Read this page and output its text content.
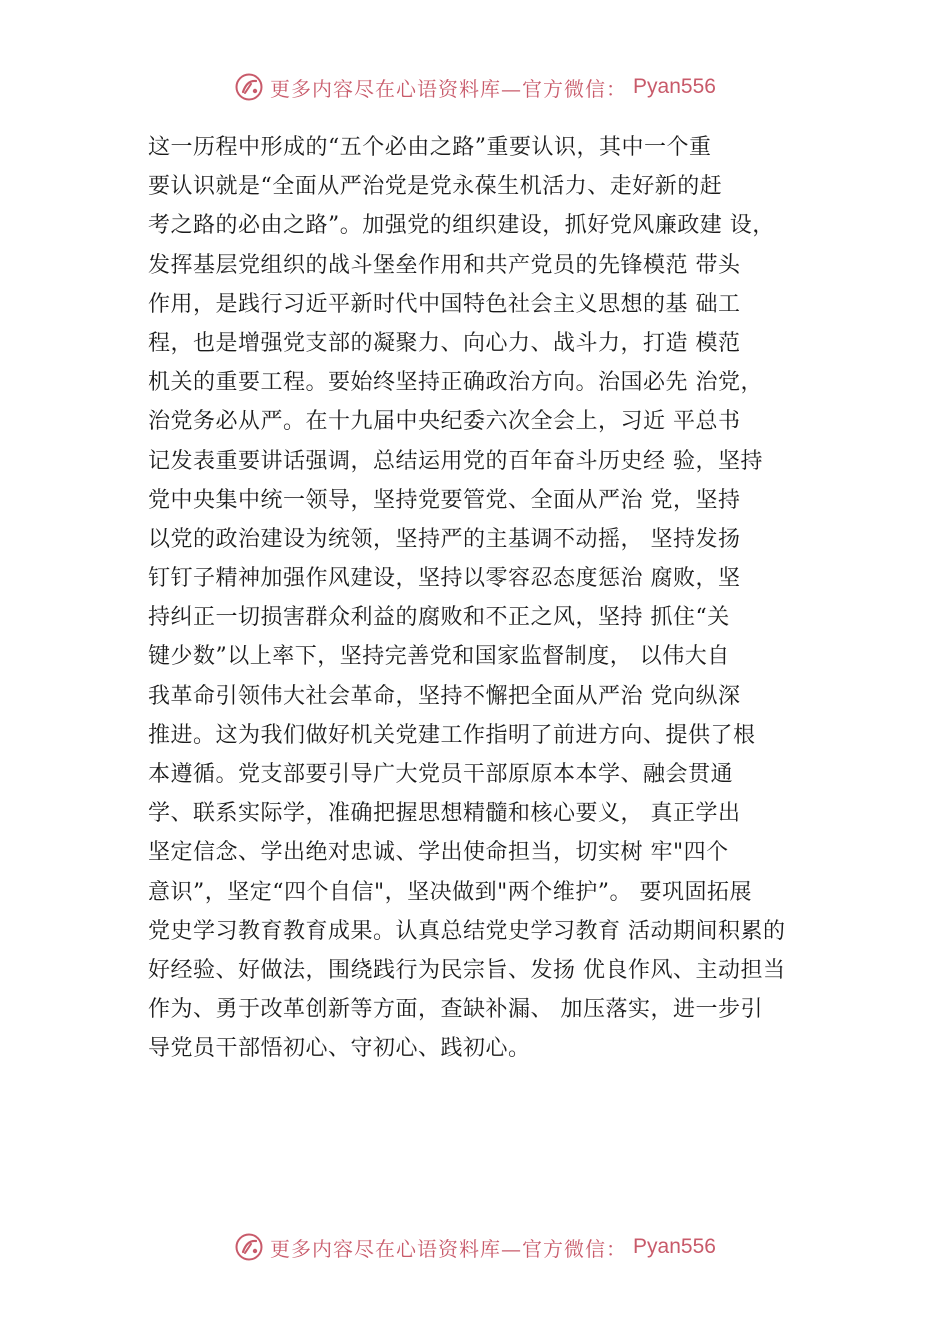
更多内容尽在心语资料库—官方微信： Pyan556
这一历程中形成的“五个必由之路”重要认识，其中一个重
要认识就是“全面从严治党是党永葆生机活力、走好新的赶
考之路的必由之路”。加强党的组织建设，抓好党风廉政建 设，
发挥基层党组织的战斗堡垒作用和共产党员的先锋模范 带头
作用，是践行习近平新时代中国特色社会主义思想的基 础工
程，也是增强党支部的凝聚力、向心力、战斗力，打造 模范
机关的重要工程。要始终坚持正确政治方向。治国必先 治党，
治党务必从严。在十九届中央纪委六次全会上，习近 平总书
记发表重要讲话强调，总结运用党的百年奋斗历史经 验，坚持
党中央集中统一领导，坚持党要管党、全面从严治 党，坚持
以党的政治建设为统领，坚持严的主基调不动摇， 坚持发扬
钉钉子精神加强作风建设，坚持以零容忍态度惩治 腐败，坚
持纠正一切损害群众利益的腐败和不正之风，坚持 抓住“关
键少数”以上率下，坚持完善党和国家监督制度， 以伟大自
我革命引领伟大社会革命，坚持不懈把全面从严治 党向纵深
推进。这为我们做好机关党建工作指明了前进方向、提供了根
本遵循。党支部要引导广大党员干部原原本本学、融会贯通
学、联系实际学，准确把握思想精髓和核心要义， 真正学出
坚定信念、学出绝对忠诚、学出使命担当，切实树 牢"四个
意识”，坚定“四个自信"，坚决做到"两个维护”。 要巩固拓展
党史学习教育教育成果。认真总结党史学习教育 活动期间积累的
好经验、好做法，围绕践行为民宗旨、发扬 优良作风、主动担当
作为、勇于改革创新等方面，查缺补漏、 加压落实，进一步引
导党员干部悟初心、守初心、践初心。
更多内容尽在心语资料库—官方微信： Pyan556
